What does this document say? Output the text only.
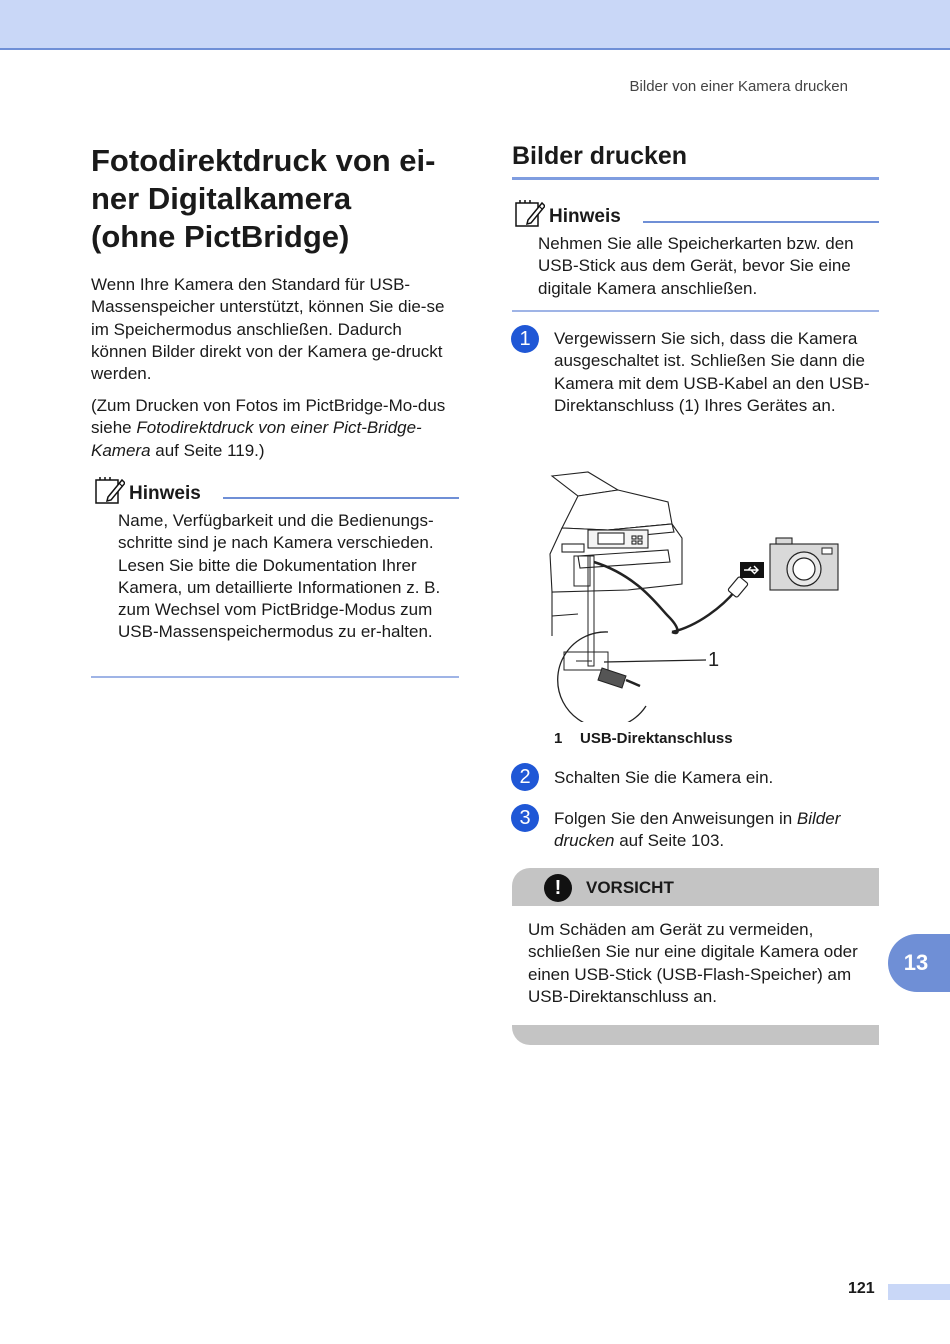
Bilder von einer Kamera drucken
Fotodirektdruck von ei-
ner Digitalkamera
(ohne PictBridge)

Wenn Ihre Kamera den Standard für USB-Massenspeicher unterstützt, können Sie die-se im Speichermodus anschließen. Dadurch können Bilder direkt von der Kamera ge-druckt werden.

(Zum Drucken von Fotos im PictBridge-Mo-dus siehe Fotodirektdruck von einer Pict-Bridge-Kamera auf Seite 119.)

Hinweis

Name, Verfügbarkeit und die Bedienungs-schritte sind je nach Kamera verschieden. Lesen Sie bitte die Dokumentation Ihrer Kamera, um detaillierte Informationen z. B. zum Wechsel vom PictBridge-Modus zum USB-Massenspeichermodus zu er-halten.

Bilder drucken
Hinweis

Nehmen Sie alle Speicherkarten bzw. den USB-Stick aus dem Gerät, bevor Sie eine digitale Kamera anschließen.

1	Vergewissern Sie sich, dass die Kamera ausgeschaltet ist. Schließen Sie dann die Kamera mit dem USB-Kabel an den USB-Direktanschluss (1) Ihres Gerätes an.

1
1 USB-Direktanschluss
2	Schalten Sie die Kamera ein.

3	Folgen Sie den Anweisungen in Bilder drucken auf Seite 103.

!	VORSICHT

Um Schäden am Gerät zu vermeiden, schließen Sie nur eine digitale Kamera oder einen USB-Stick (USB-Flash-Speicher) am USB-Direktanschluss an.

13
121
